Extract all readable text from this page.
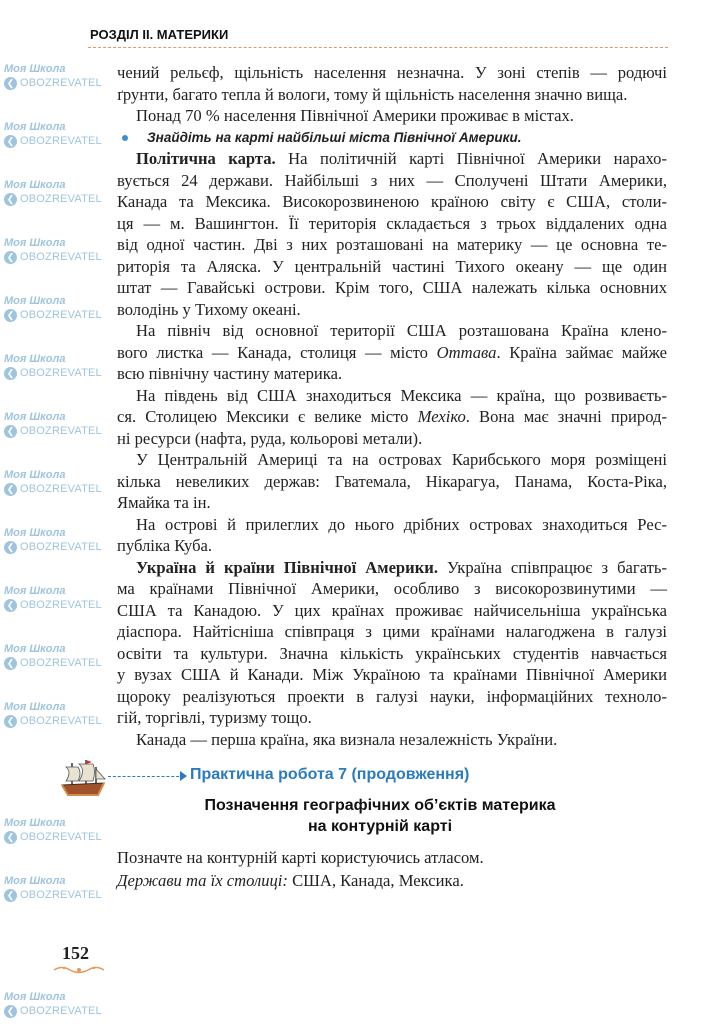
Моя Школа
❮ OBOZREVATEL
Моя Школа
❮ OBOZREVATEL
Моя Школа
❮ OBOZREVATEL
Моя Школа
❮ OBOZREVATEL
Моя Школа
❮ OBOZREVATEL
Моя Школа
❮ OBOZREVATEL
Моя Школа
❮ OBOZREVATEL
Моя Школа
❮ OBOZREVATEL
Моя Школа
❮ OBOZREVATEL
Моя Школа
❮ OBOZREVATEL
Моя Школа
❮ OBOZREVATEL
Моя Школа
❮ OBOZREVATEL
Моя Школа
❮ OBOZREVATEL
Моя Школа
❮ OBOZREVATEL
Моя Школа
❮ OBOZREVATEL
РОЗДІЛ ІІ. МАТЕРИКИ
чений рельєф, щільність населення незначна. У зоні степів — родючі
ґрунти, багато тепла й вологи, тому й щільність населення значно вища.
Понад 70 % населення Північної Америки проживає в містах.
Знайдіть на карті найбільші міста Північної Америки.
Політична карта. На політичній карті Північної Америки нарахо-
вується 24 держави. Найбільші з них — Сполучені Штати Америки,
Канада та Мексика. Високорозвиненою країною світу є США, столи-
ця — м. Вашингтон. Її територія складається з трьох віддалених одна
від одної частин. Дві з них розташовані на материку — це основна те-
риторія та Аляска. У центральній частині Тихого океану — ще один
штат — Гавайські острови. Крім того, США належать кілька основних
володінь у Тихому океані.
На північ від основної території США розташована Країна клено-
вого листка — Канада, столиця — місто Оттава. Країна займає майже
всю північну частину материка.
На південь від США знаходиться Мексика — країна, що розвиваєть-
ся. Столицею Мексики є велике місто Мехіко. Вона має значні природ-
ні ресурси (нафта, руда, кольорові метали).
У Центральній Америці та на островах Карибського моря розміщені
кілька невеликих держав: Гватемала, Нікарагуа, Панама, Коста-Ріка,
Ямайка та ін.
На острові й прилеглих до нього дрібних островах знаходиться Рес-
публіка Куба.
Україна й країни Північної Америки. Україна співпрацює з багать-
ма країнами Північної Америки, особливо з високорозвинутими —
США та Канадою. У цих країнах проживає найчисельніша українська
діаспора. Найтісніша співпраця з цими країнами налагоджена в галузі
освіти та культури. Значна кількість українських студентів навчається
у вузах США й Канади. Між Україною та країнами Північної Америки
щороку реалізуються проекти в галузі науки, інформаційних техноло-
гій, торгівлі, туризму тощо.
Канада — перша країна, яка визнала незалежність України.
Практична робота 7 (продовження)
Позначення географічних об’єктів материка
на контурній карті
Позначте на контурній карті користуючись атласом.
Держави та їх столиці: США, Канада, Мексика.
152
